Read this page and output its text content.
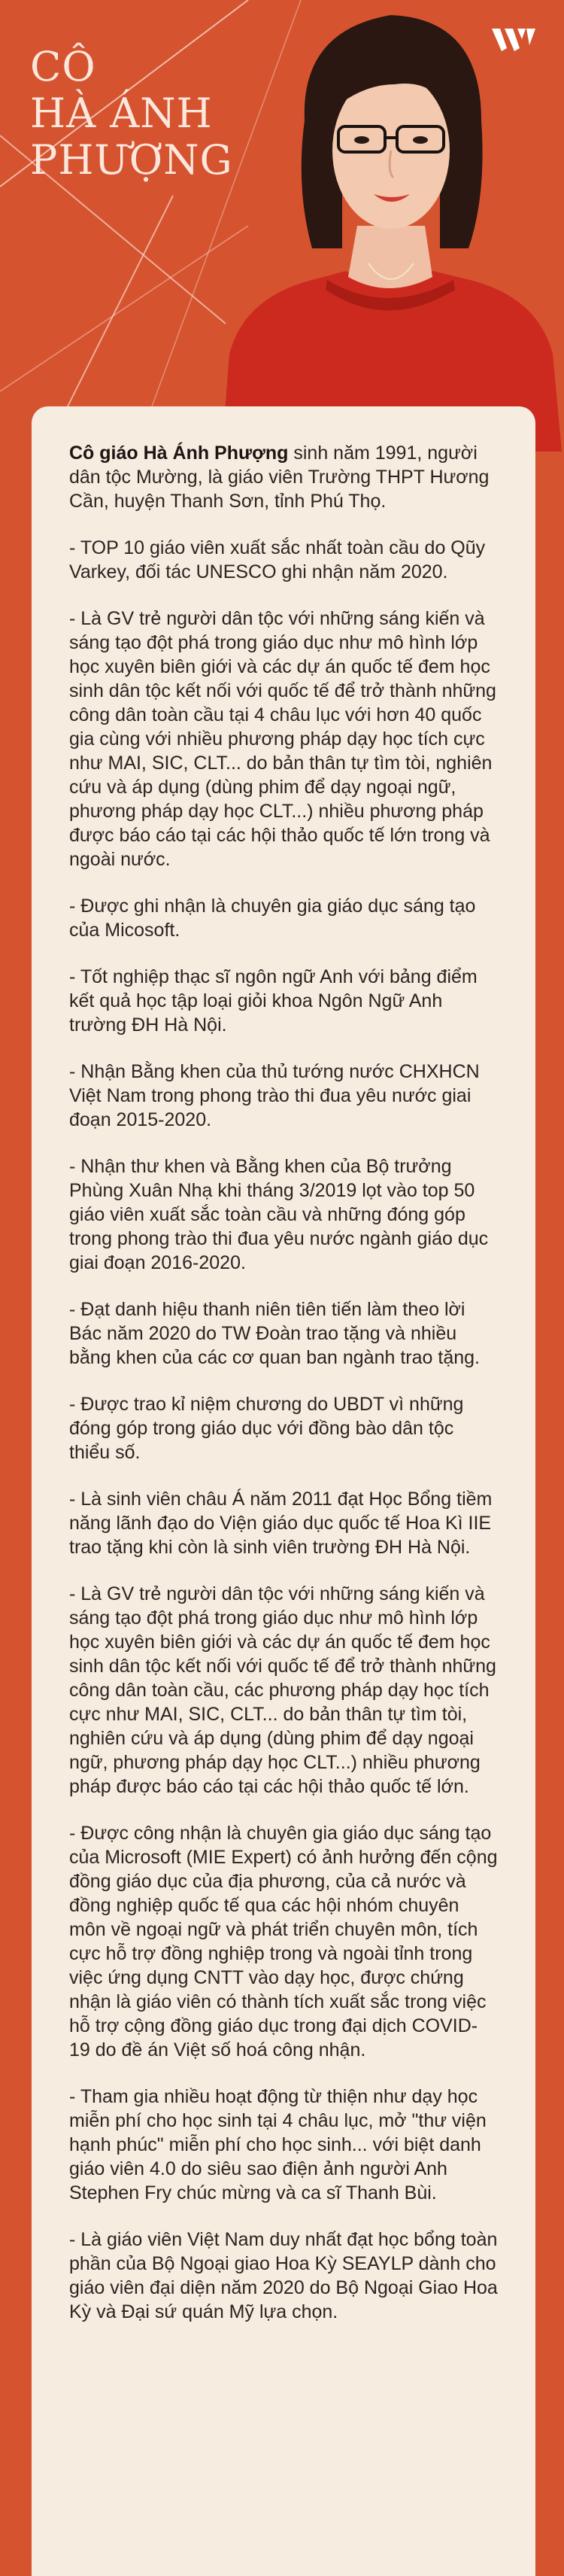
CÔ
HÀ ÁNH
PHƯỢNG

Cô giáo Hà Ánh Phượng sinh năm 1991, người dân tộc Mường, là giáo viên Trường THPT Hương Cần, huyện Thanh Sơn, tỉnh Phú Thọ.

- TOP 10 giáo viên xuất sắc nhất toàn cầu do Qũy Varkey, đối tác UNESCO ghi nhận năm 2020.

- Là GV trẻ người dân tộc với những sáng kiến và sáng tạo đột phá trong giáo dục như mô hình lớp học xuyên biên giới và các dự án quốc tế đem học sinh dân tộc kết nối với quốc tế để trở thành những công dân toàn cầu tại 4 châu lục với hơn 40 quốc gia cùng với nhiều phương pháp dạy học tích cực như MAI, SIC, CLT... do bản thân tự tìm tòi, nghiên cứu và áp dụng (dùng phim để dạy ngoại ngữ, phương pháp dạy học CLT...) nhiều phương pháp được báo cáo tại các hội thảo quốc tế lớn trong và ngoài nước.

- Được ghi nhận là chuyên gia giáo dục sáng tạo của Micosoft.

- Tốt nghiệp thạc sĩ ngôn ngữ Anh với bảng điểm kết quả học tập loại giỏi khoa Ngôn Ngữ Anh trường ĐH Hà Nội.

- Nhận Bằng khen của thủ tướng nước CHXHCN Việt Nam trong phong trào thi đua yêu nước giai đoạn 2015-2020.

- Nhận thư khen và Bằng khen của Bộ trưởng Phùng Xuân Nhạ khi tháng 3/2019 lọt vào top 50 giáo viên xuất sắc toàn cầu và những đóng góp trong phong trào thi đua yêu nước ngành giáo dục giai đoạn 2016-2020.

- Đạt danh hiệu thanh niên tiên tiến làm theo lời Bác năm 2020 do TW Đoàn trao tặng và nhiều bằng khen của các cơ quan ban ngành trao tặng.

- Được trao kỉ niệm chương do UBDT vì những đóng góp trong giáo dục với đồng bào dân tộc thiểu số.

- Là sinh viên châu Á năm 2011 đạt Học Bổng tiềm năng lãnh đạo do Viện giáo dục quốc tế Hoa Kì IIE trao tặng khi còn là sinh viên trường ĐH Hà Nội.

- Là GV trẻ người dân tộc với những sáng kiến và sáng tạo đột phá trong giáo dục như mô hình lớp học xuyên biên giới và các dự án quốc tế đem học sinh dân tộc kết nối với quốc tế để trở thành những công dân toàn cầu, các phương pháp dạy học tích cực như MAI, SIC, CLT... do bản thân tự tìm tòi, nghiên cứu và áp dụng (dùng phim để dạy ngoại ngữ, phương pháp dạy học CLT...) nhiều phương pháp được báo cáo tại các hội thảo quốc tế lớn.

- Được công nhận là chuyên gia giáo dục sáng tạo của Microsoft (MIE Expert) có ảnh hưởng đến cộng đồng giáo dục của địa phương, của cả nước và đồng nghiệp quốc tế qua các hội nhóm chuyên môn về ngoại ngữ và phát triển chuyên môn, tích cực hỗ trợ đồng nghiệp trong và ngoài tỉnh trong việc ứng dụng CNTT vào dạy học, được chứng nhận là giáo viên có thành tích xuất sắc trong việc hỗ trợ cộng đồng giáo dục trong đại dịch COVID-19 do đề án Việt số hoá công nhận.

- Tham gia nhiều hoạt động từ thiện như dạy học miễn phí cho học sinh tại 4 châu lục, mở "thư viện hạnh phúc" miễn phí cho học sinh... với biệt danh giáo viên 4.0 do siêu sao điện ảnh người Anh Stephen Fry chúc mừng và ca sĩ Thanh Bùi.

- Là giáo viên Việt Nam duy nhất đạt học bổng toàn phần của Bộ Ngoại giao Hoa Kỳ SEAYLP dành cho giáo viên đại diện năm 2020 do Bộ Ngoại Giao Hoa Kỳ và Đại sứ quán Mỹ lựa chọn.
